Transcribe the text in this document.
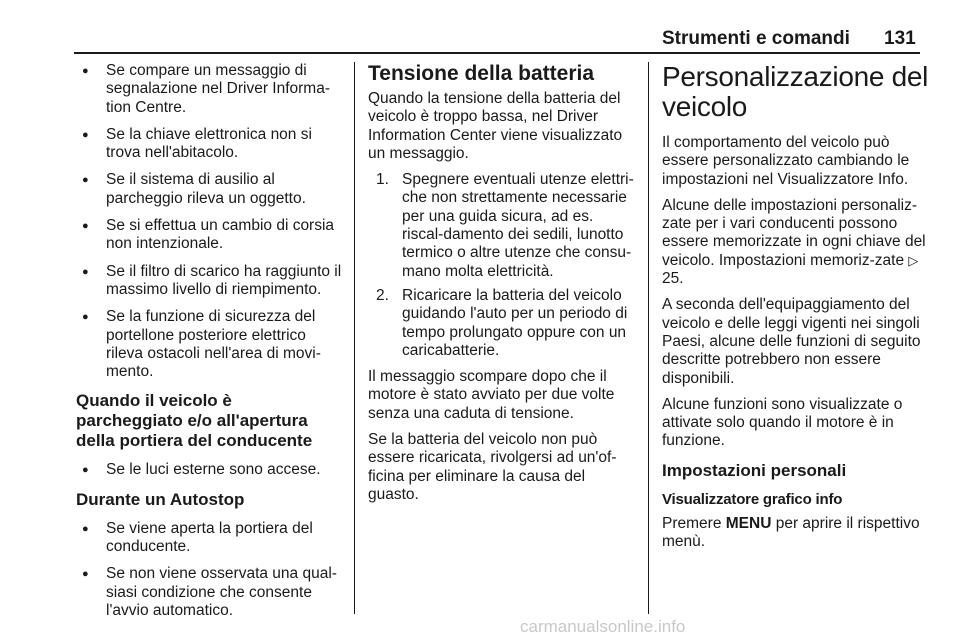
Strumenti e comandi 131
● Se compare un messaggio di segnalazione nel Driver Informa-tion Centre.
● Se la chiave elettronica non si trova nell'abitacolo.
● Se il sistema di ausilio al parcheggio rileva un oggetto.
● Se si effettua un cambio di corsia non intenzionale.
● Se il filtro di scarico ha raggiunto il massimo livello di riempimento.
● Se la funzione di sicurezza del portellone posteriore elettrico rileva ostacoli nell'area di movi-mento.
Quando il veicolo è parcheggiato e/o all'apertura della portiera del conducente
● Se le luci esterne sono accese.
Durante un Autostop
● Se viene aperta la portiera del conducente.
● Se non viene osservata una qual-siasi condizione che consente l'avvio automatico.
Tensione della batteria

Quando la tensione della batteria del veicolo è troppo bassa, nel Driver Information Center viene visualizzato un messaggio.

1. Spegnere eventuali utenze elettri-che non strettamente necessarie per una guida sicura, ad es. riscal-damento dei sedili, lunotto termico o altre utenze che consu-mano molta elettricità.
2. Ricaricare la batteria del veicolo guidando l'auto per un periodo di tempo prolungato oppure con un caricabatterie.

Il messaggio scompare dopo che il motore è stato avviato per due volte senza una caduta di tensione.

Se la batteria del veicolo non può essere ricaricata, rivolgersi ad un'of-ficina per eliminare la causa del guasto.

Personalizzazione del veicolo

Il comportamento del veicolo può essere personalizzato cambiando le impostazioni nel Visualizzatore Info.

Alcune delle impostazioni personaliz-zate per i vari conducenti possono essere memorizzate in ogni chiave del veicolo. Impostazioni memoriz-zate ▷ 25.

A seconda dell'equipaggiamento del veicolo e delle leggi vigenti nei singoli Paesi, alcune delle funzioni di seguito descritte potrebbero non essere disponibili.

Alcune funzioni sono visualizzate o attivate solo quando il motore è in funzione.

Impostazioni personali
Visualizzatore grafico info

Premere MENU per aprire il rispettivo menù.

carmanualsonline.info
